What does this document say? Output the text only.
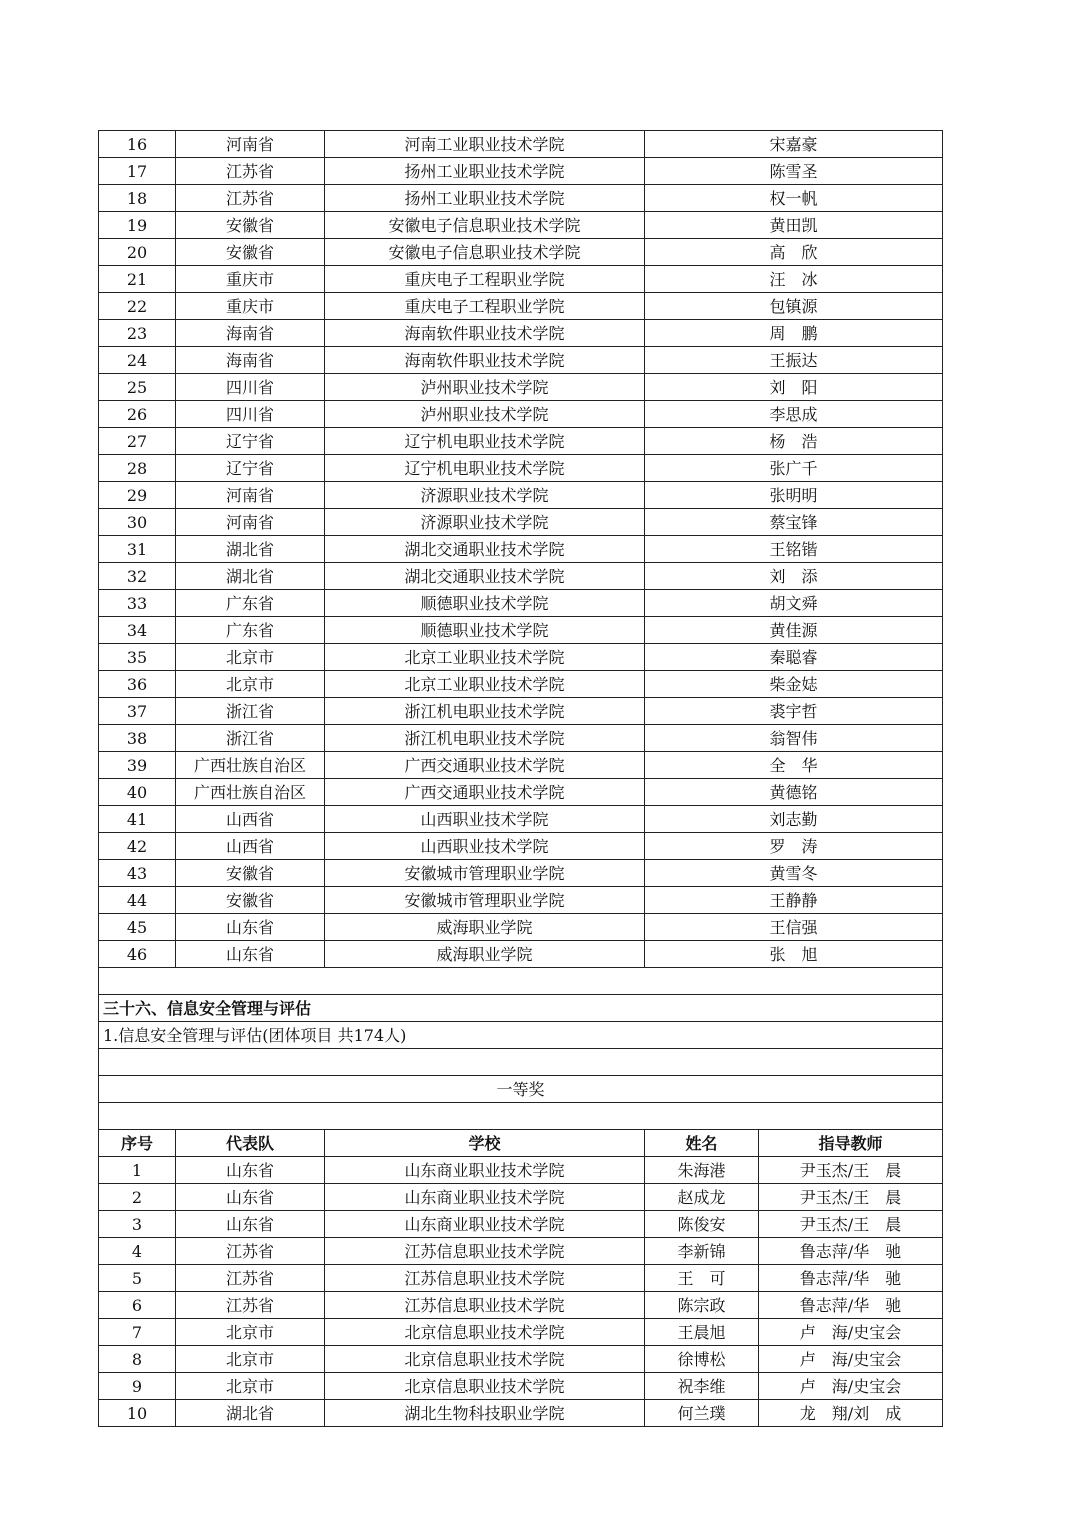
16	河南省	河南工业职业技术学院	宋嘉豪	
17	江苏省	扬州工业职业技术学院	陈雪圣	
18	江苏省	扬州工业职业技术学院	权一帆	
19	安徽省	安徽电子信息职业技术学院	黄田凯	
20	安徽省	安徽电子信息职业技术学院	高　欣	
21	重庆市	重庆电子工程职业学院	汪　冰	
22	重庆市	重庆电子工程职业学院	包镇源	
23	海南省	海南软件职业技术学院	周　鹏	
24	海南省	海南软件职业技术学院	王振达	
25	四川省	泸州职业技术学院	刘　阳	
26	四川省	泸州职业技术学院	李思成	
27	辽宁省	辽宁机电职业技术学院	杨　浩	
28	辽宁省	辽宁机电职业技术学院	张广千	
29	河南省	济源职业技术学院	张明明	
30	河南省	济源职业技术学院	蔡宝锋	
31	湖北省	湖北交通职业技术学院	王铭锴	
32	湖北省	湖北交通职业技术学院	刘　添	
33	广东省	顺德职业技术学院	胡文舜	
34	广东省	顺德职业技术学院	黄佳源	
35	北京市	北京工业职业技术学院	秦聪睿	
36	北京市	北京工业职业技术学院	柴金娡	
37	浙江省	浙江机电职业技术学院	裘宇哲	
38	浙江省	浙江机电职业技术学院	翁智伟	
39	广西壮族自治区	广西交通职业技术学院	全　华	
40	广西壮族自治区	广西交通职业技术学院	黄德铭	
41	山西省	山西职业技术学院	刘志勤	
42	山西省	山西职业技术学院	罗　涛	
43	安徽省	安徽城市管理职业学院	黄雪冬	
44	安徽省	安徽城市管理职业学院	王静静	
45	山东省	威海职业学院	王信强	
46	山东省	威海职业学院	张　旭	

三十六、信息安全管理与评估				
1.信息安全管理与评估(团体项目 共174人)				

一等奖				

序号	代表队	学校	姓名	指导教师
1	山东省	山东商业职业技术学院	朱海港	尹玉杰/王　晨
2	山东省	山东商业职业技术学院	赵成龙	尹玉杰/王　晨
3	山东省	山东商业职业技术学院	陈俊安	尹玉杰/王　晨
4	江苏省	江苏信息职业技术学院	李新锦	鲁志萍/华　驰
5	江苏省	江苏信息职业技术学院	王　可	鲁志萍/华　驰
6	江苏省	江苏信息职业技术学院	陈宗政	鲁志萍/华　驰
7	北京市	北京信息职业技术学院	王晨旭	卢　海/史宝会
8	北京市	北京信息职业技术学院	徐博松	卢　海/史宝会
9	北京市	北京信息职业技术学院	祝李维	卢　海/史宝会
10	湖北省	湖北生物科技职业学院	何兰璞	龙　翔/刘　成
